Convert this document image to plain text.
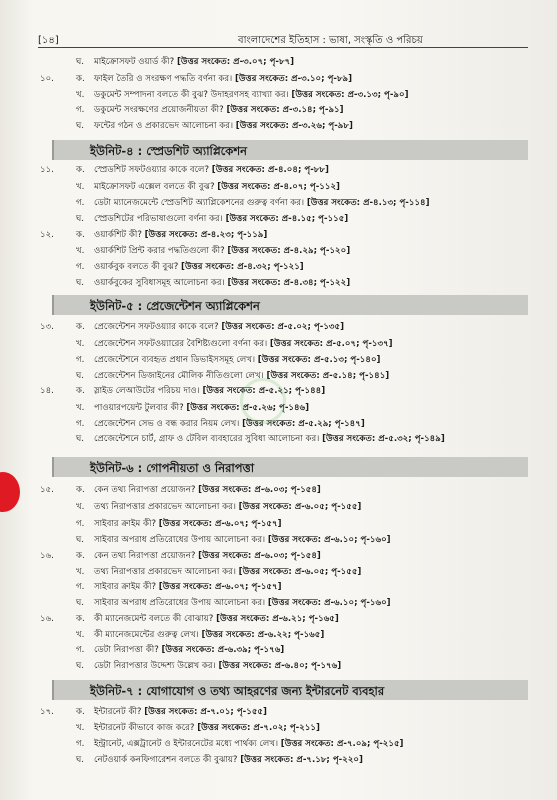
[১৪]	বাংলাদেশের ইতিহাস : ভাষা, সংস্কৃতি ও পরিচয়
ইউনিট-৪ : স্প্রেডশিট অ্যাপ্লিকেশন
ইউনিট-৫ : প্রেজেন্টেশন অ্যাপ্লিকেশন
ইউনিট-৬ : গোপনীয়তা ও নিরাপত্তা
ইউনিট-৭ : যোগাযোগ ও তথ্য আহরণের জন্য ইন্টারনেট ব্যবহার
ঘ.	মাইক্রোসফট ওয়ার্ড কী? [উত্তর সংকেত: প্র-৩.০৭; পৃ-৮৭]
১০.	ক.	ফাইল তৈরি ও সংরক্ষণ পদ্ধতি বর্ণনা কর। [উত্তর সংকেত: প্র-৩.১০; পৃ-৮৯]
খ.	ডকুমেন্ট সম্পাদনা বলতে কী বুঝ? উদাহরণসহ ব্যাখ্যা কর। [উত্তর সংকেত: প্র-৩.১৩; পৃ-৯০]
গ.	ডকুমেন্ট সংরক্ষণের প্রয়োজনীয়তা কী? [উত্তর সংকেত: প্র-৩.১৪; পৃ-৯১]
ঘ.	ফন্টের গঠন ও প্রকারভেদ আলোচনা কর। [উত্তর সংকেত: প্র-৩.২৬; পৃ-৯৮]
১১.	ক.	স্প্রেডশিট সফটওয়্যার কাকে বলে? [উত্তর সংকেত: প্র-৪.০৪; পৃ-৮৮]
খ.	মাইক্রোসফট এক্সেল বলতে কী বুঝ? [উত্তর সংকেত: প্র-৪.০৭; পৃ-১১২]
গ.	ডেটা ম্যানেজমেন্টে স্প্রেডশিট অ্যাপ্লিকেশনের গুরুত্ব বর্ণনা কর। [উত্তর সংকেত: প্র-৪.১৩; পৃ-১১৪]
ঘ.	স্প্রেডশিটের পরিভাষাগুলো বর্ণনা কর। [উত্তর সংকেত: প্র-৪.১৫; পৃ-১১৫]
১২.	ক.	ওয়ার্কশিট কী? [উত্তর সংকেত: প্র-৪.২৩; পৃ-১১৯]
খ.	ওয়ার্কশিট প্রিন্ট করার পদ্ধতিগুলো কী? [উত্তর সংকেত: প্র-৪.২৯; পৃ-১২০]
গ.	ওয়ার্কবুক বলতে কী বুঝ? [উত্তর সংকেত: প্র-৪.৩২; পৃ-১২১]
ঘ.	ওয়ার্কবুকের সুবিধাসমূহ আলোচনা কর। [উত্তর সংকেত: প্র-৪.৩৪; পৃ-১২২]
১৩.	ক.	প্রেজেন্টেশন সফটওয়্যার কাকে বলে? [উত্তর সংকেত: প্র-৫.০২; পৃ-১৩৫]
খ.	প্রেজেন্টেশন সফটওয়্যারের বৈশিষ্ট্যগুলো বর্ণনা কর। [উত্তর সংকেত: প্র-৫.০৭; পৃ-১৩৭]
গ.	প্রেজেন্টেশনে ব্যবহৃত প্রধান ডিভাইসসমূহ লেখ। [উত্তর সংকেত: প্র-৫.১৩; পৃ-১৪০]
ঘ.	প্রেজেন্টেশন ডিজাইনের মৌলিক নীতিগুলো লেখ। [উত্তর সংকেত: প্র-৫.১৪; পৃ-১৪১]
১৪.	ক.	স্লাইড লেআউটের পরিচয় দাও। [উত্তর সংকেত: প্র-৫.২১; পৃ-১৪৪]
খ.	পাওয়ারপয়েন্ট টুলবার কী? [উত্তর সংকেত: প্র-৫.২৬; পৃ-১৪৬]
গ.	প্রেজেন্টেশন সেভ ও বন্ধ করার নিয়ম লেখ। [উত্তর সংকেত: প্র-৫.২৯; পৃ-১৪৭]
ঘ.	প্রেজেন্টেশনে চার্ট, গ্রাফ ও টেবিল ব্যবহারের সুবিধা আলোচনা কর। [উত্তর সংকেত: প্র-৫.৩২; পৃ-১৪৯]
১৫.	ক.	কেন তথ্য নিরাপত্তা প্রয়োজন? [উত্তর সংকেত: প্র-৬.০৩; পৃ-১৫৪]
খ.	তথ্য নিরাপত্তার প্রকারভেদ আলোচনা কর। [উত্তর সংকেত: প্র-৬.০৫; পৃ-১৫৫]
গ.	সাইবার ক্রাইম কী? [উত্তর সংকেত: প্র-৬.০৭; পৃ-১৫৭]
ঘ.	সাইবার অপরাধ প্রতিরোধের উপায় আলোচনা কর। [উত্তর সংকেত: প্র-৬.১০; পৃ-১৬০]
১৬.	ক.	কেন তথ্য নিরাপত্তা প্রয়োজন? [উত্তর সংকেত: প্র-৬.০৩; পৃ-১৫৪]
খ.	তথ্য নিরাপত্তার প্রকারভেদ আলোচনা কর। [উত্তর সংকেত: প্র-৬.০৫; পৃ-১৫৫]
গ.	সাইবার ক্রাইম কী? [উত্তর সংকেত: প্র-৬.০৭; পৃ-১৫৭]
ঘ.	সাইবার অপরাধ প্রতিরোধের উপায় আলোচনা কর। [উত্তর সংকেত: প্র-৬.১০; পৃ-১৬০]
১৬.	ক.	কী ম্যানেজমেন্ট বলতে কী বোঝায়? [উত্তর সংকেত: প্র-৬.২১; পৃ-১৬৫]
খ.	কী ম্যানেজমেন্টের গুরুত্ব লেখ। [উত্তর সংকেত: প্র-৬.২২; পৃ-১৬৫]
গ.	ডেটা নিরাপত্তা কী? [উত্তর সংকেত: প্র-৬.৩৯; পৃ-১৭৬]
ঘ.	ডেটা নিরাপত্তার উদ্দেশ্য উল্লেখ কর। [উত্তর সংকেত: প্র-৬.৪০; পৃ-১৭৬]
১৭.	ক.	ইন্টারনেট কী? [উত্তর সংকেত: প্র-৭.০১; পৃ-১৫৫]
খ.	ইন্টারনেট কীভাবে কাজ করে? [উত্তর সংকেত: প্র-৭.০২; পৃ-২১১]
গ.	ইন্ট্রানেট, এক্সট্রানেট ও ইন্টারনেটের মধ্যে পার্থক্য লেখ। [উত্তর সংকেত: প্র-৭.০৯; পৃ-২১৫]
ঘ.	নেটওয়ার্ক কনফিগারেশন বলতে কী বুঝায়? [উত্তর সংকেত: প্র-৭.১৮; পৃ-২২০]
